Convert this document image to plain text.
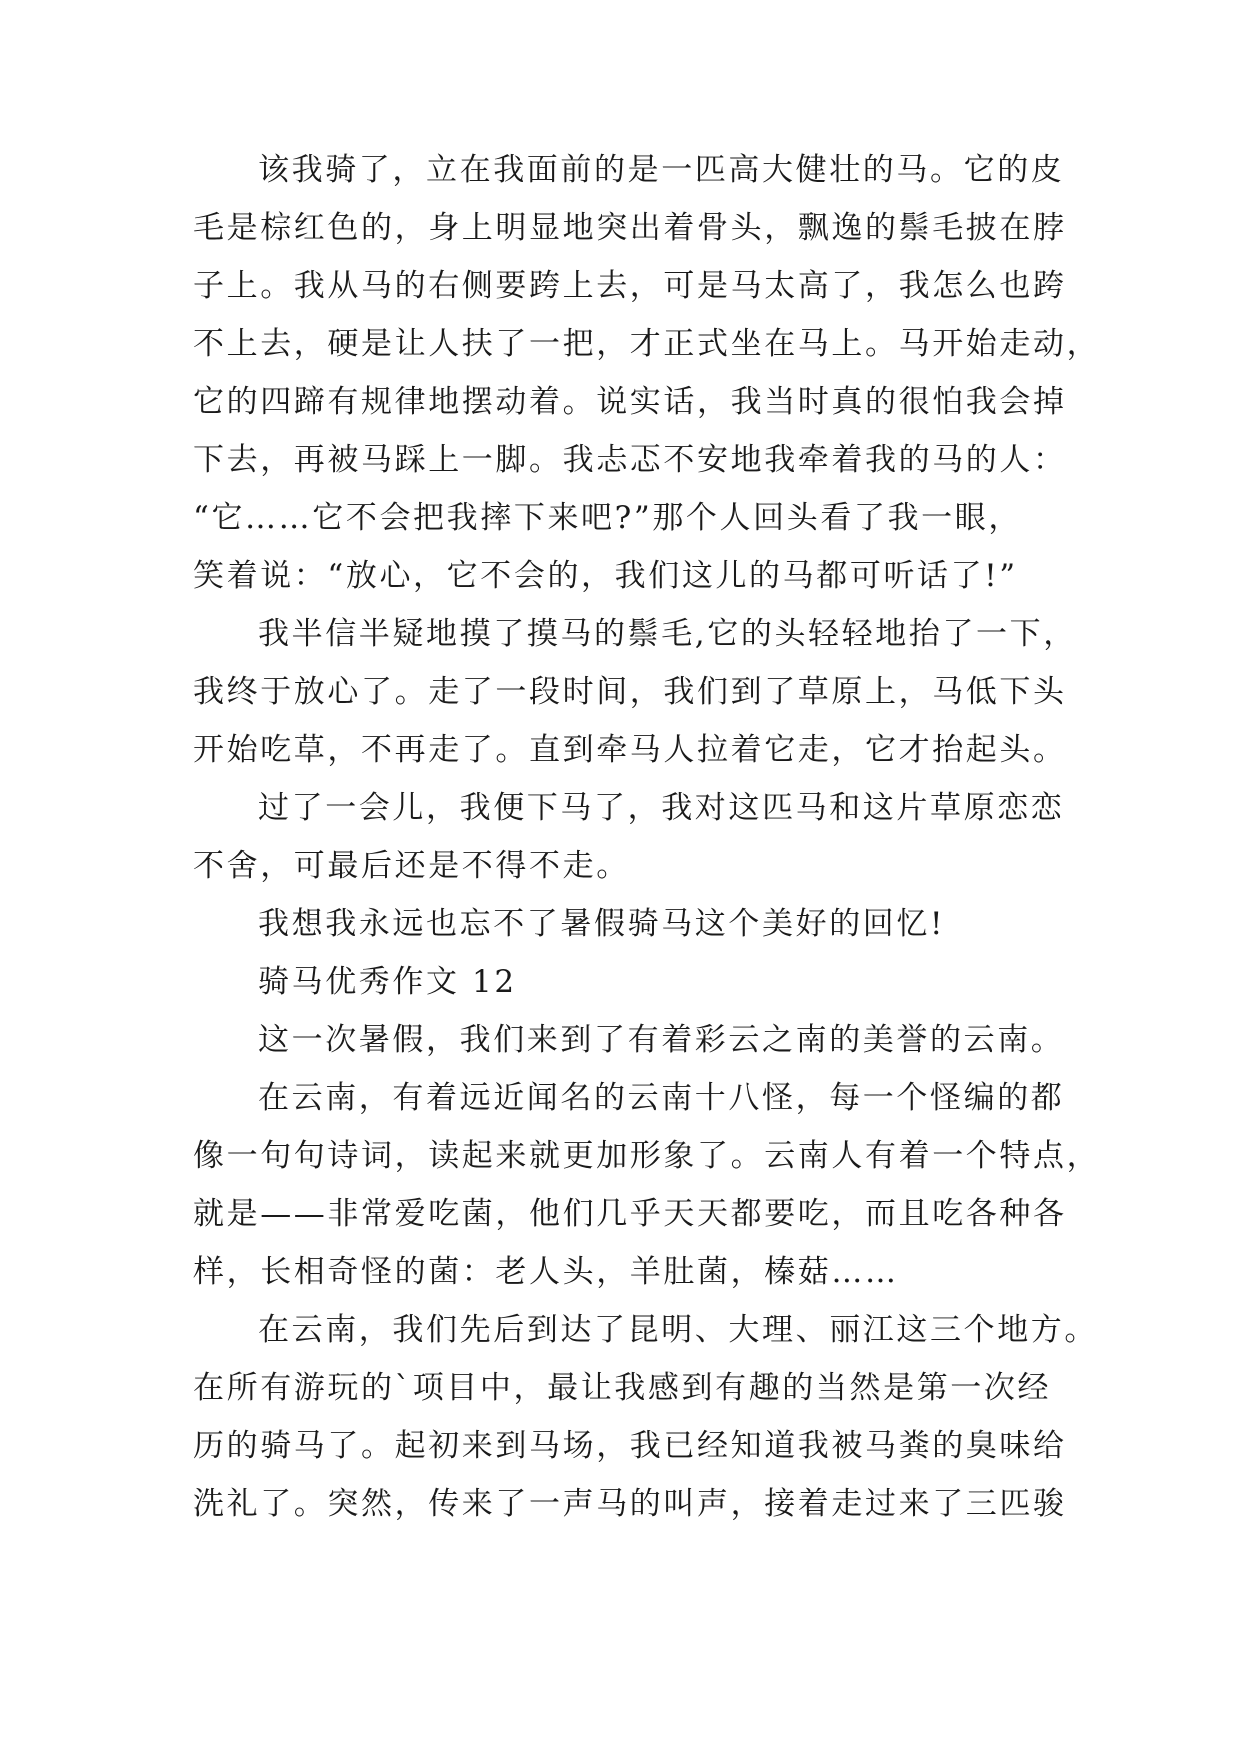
该我骑了，立在我面前的是一匹高大健壮的马。它的皮
毛是棕红色的，身上明显地突出着骨头，飘逸的鬃毛披在脖
子上。我从马的右侧要跨上去，可是马太高了，我怎么也跨
不上去，硬是让人扶了一把，才正式坐在马上。马开始走动，
它的四蹄有规律地摆动着。说实话，我当时真的很怕我会掉
下去，再被马踩上一脚。我忐忑不安地我牵着我的马的人：
“它……它不会把我摔下来吧?”那个人回头看了我一眼，
笑着说：“放心，它不会的，我们这儿的马都可听话了!”
我半信半疑地摸了摸马的鬃毛,它的头轻轻地抬了一下，
我终于放心了。走了一段时间，我们到了草原上，马低下头
开始吃草，不再走了。直到牵马人拉着它走，它才抬起头。
过了一会儿，我便下马了，我对这匹马和这片草原恋恋
不舍，可最后还是不得不走。
我想我永远也忘不了暑假骑马这个美好的回忆!
骑马优秀作文 12
这一次暑假，我们来到了有着彩云之南的美誉的云南。
在云南，有着远近闻名的云南十八怪，每一个怪编的都
像一句句诗词，读起来就更加形象了。云南人有着一个特点，
就是——非常爱吃菌，他们几乎天天都要吃，而且吃各种各
样，长相奇怪的菌：老人头，羊肚菌，榛菇……
在云南，我们先后到达了昆明、大理、丽江这三个地方。
在所有游玩的`项目中，最让我感到有趣的当然是第一次经
历的骑马了。起初来到马场，我已经知道我被马粪的臭味给
洗礼了。突然，传来了一声马的叫声，接着走过来了三匹骏
